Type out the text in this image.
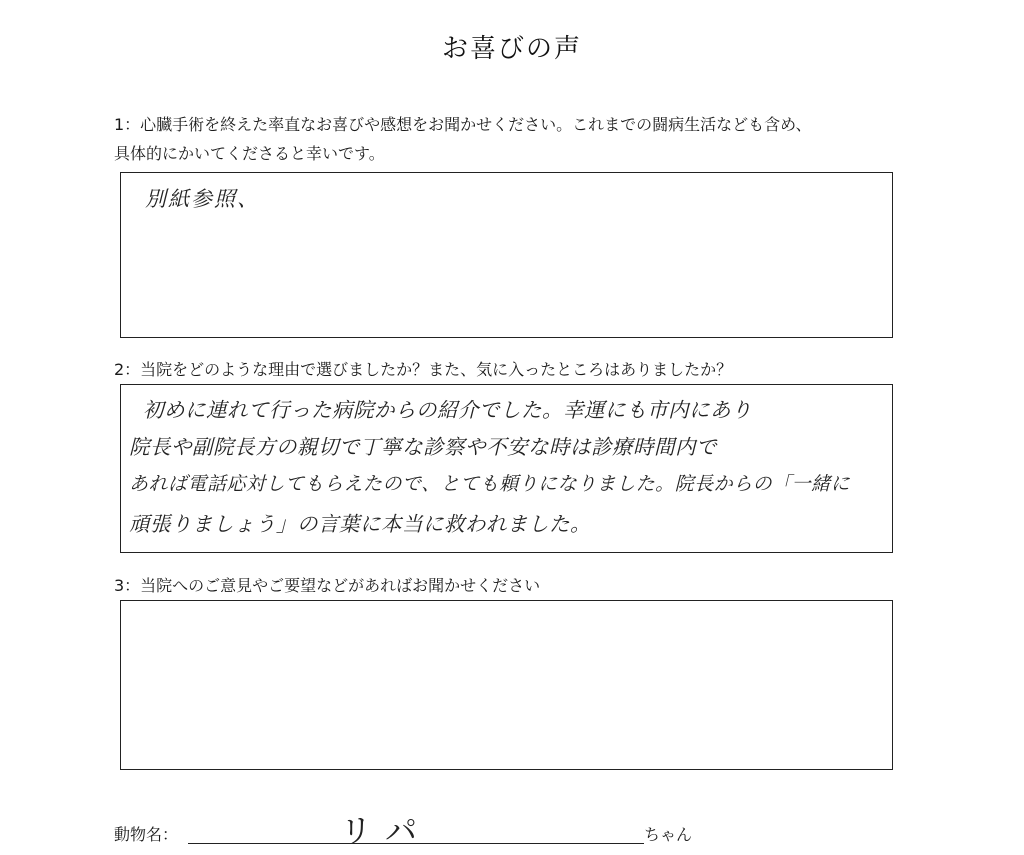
お喜びの声
1：心臓手術を終えた率直なお喜びや感想をお聞かせください。これまでの闘病生活なども含め、
具体的にかいてくださると幸いです。
別紙参照、
2：当院をどのような理由で選びましたか？また、気に入ったところはありましたか？
初めに連れて行った病院からの紹介でした。幸運にも市内にあり
院長や副院長方の親切で丁寧な診察や不安な時は診療時間内で
あれば電話応対してもらえたので、とても頼りになりました。院長からの「一緒に
頑張りましょう」の言葉に本当に救われました。
3：当院へのご意見やご要望などがあればお聞かせください
動物名：	リパ	ちゃん
